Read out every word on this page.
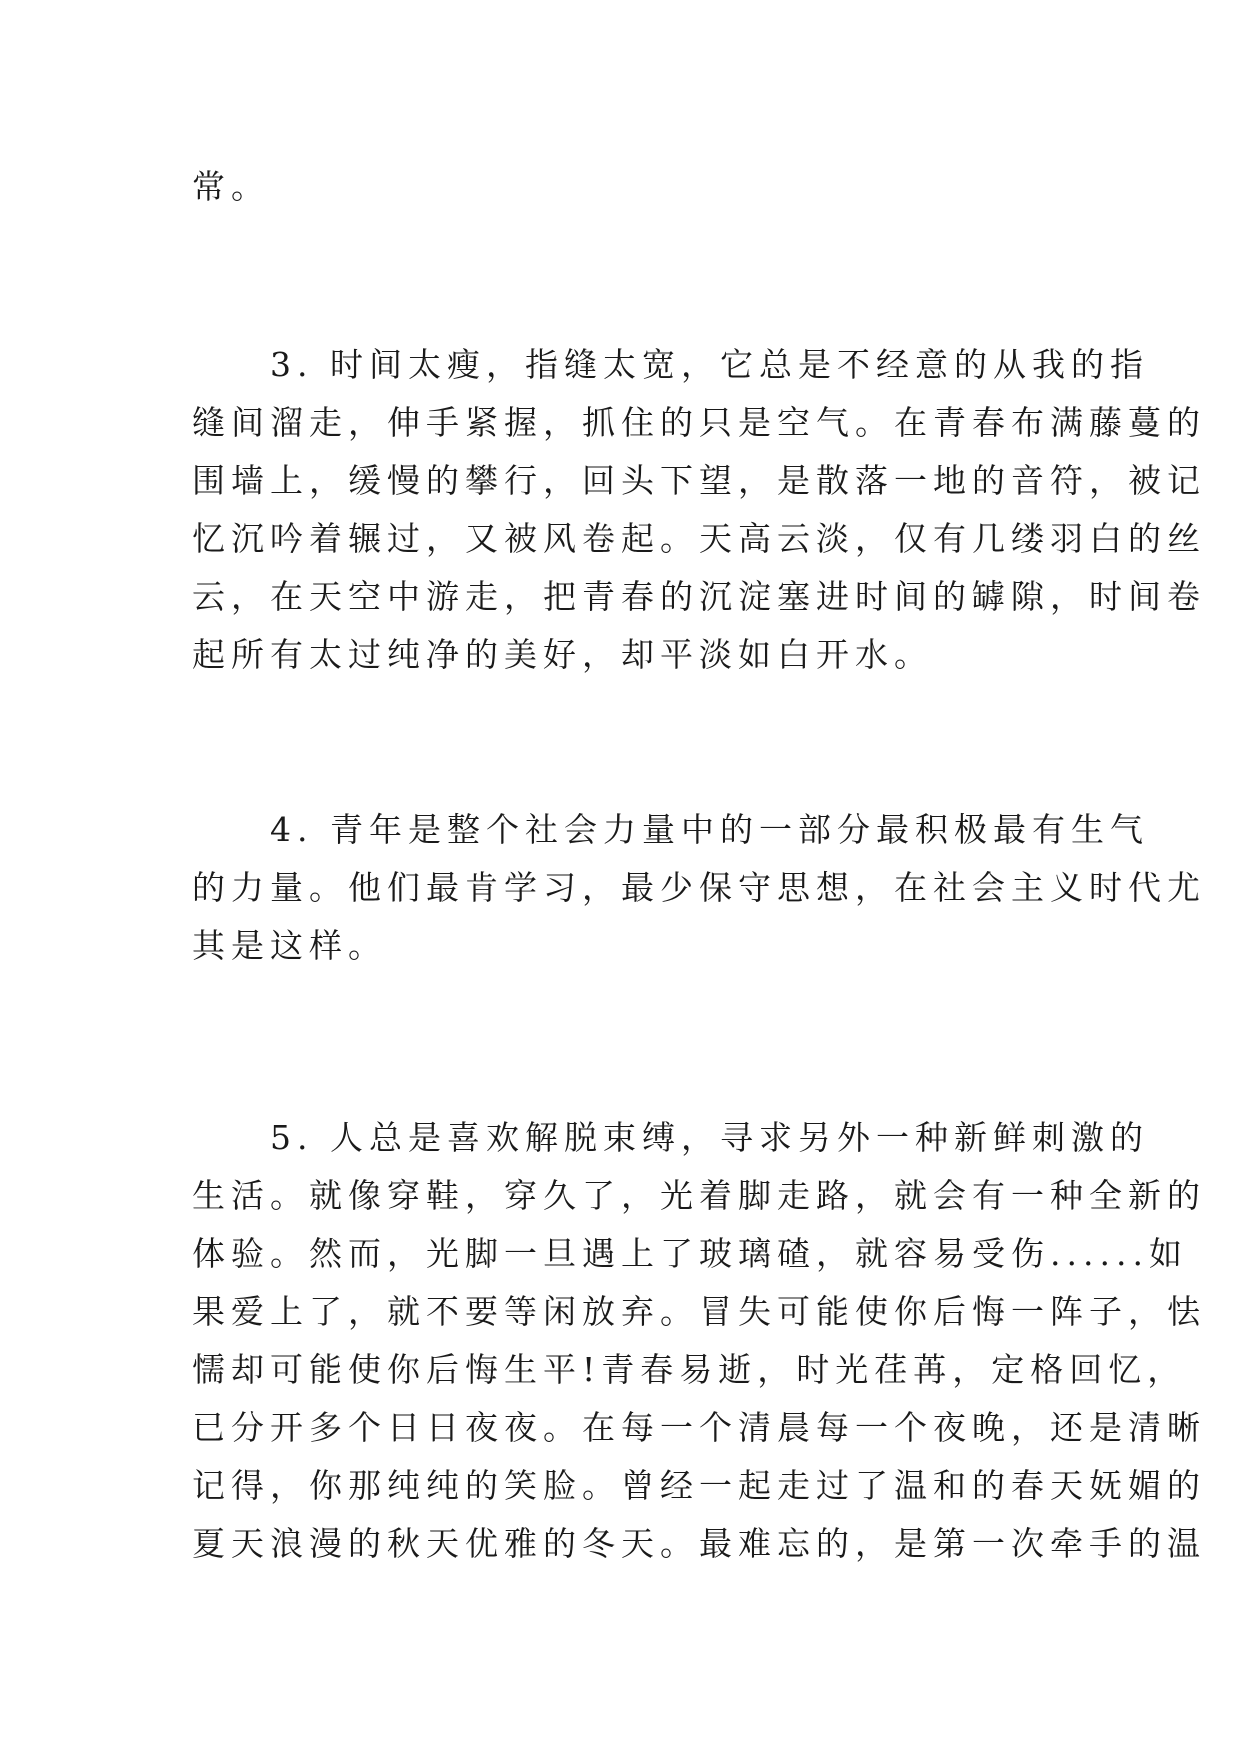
常。
　　3. 时间太瘦，指缝太宽，它总是不经意的从我的指
缝间溜走，伸手紧握，抓住的只是空气。在青春布满藤蔓的
围墙上，缓慢的攀行，回头下望，是散落一地的音符，被记
忆沉吟着辗过，又被风卷起。天高云淡，仅有几缕羽白的丝
云，在天空中游走，把青春的沉淀塞进时间的罅隙，时间卷
起所有太过纯净的美好，却平淡如白开水。
　　4. 青年是整个社会力量中的一部分最积极最有生气
的力量。他们最肯学习，最少保守思想，在社会主义时代尤
其是这样。
　　5. 人总是喜欢解脱束缚，寻求另外一种新鲜刺激的
生活。就像穿鞋，穿久了，光着脚走路，就会有一种全新的
体验。然而，光脚一旦遇上了玻璃碴，就容易受伤......如
果爱上了，就不要等闲放弃。冒失可能使你后悔一阵子，怯
懦却可能使你后悔生平!青春易逝，时光荏苒，定格回忆，
已分开多个日日夜夜。在每一个清晨每一个夜晚，还是清晰
记得，你那纯纯的笑脸。曾经一起走过了温和的春天妩媚的
夏天浪漫的秋天优雅的冬天。最难忘的，是第一次牵手的温
